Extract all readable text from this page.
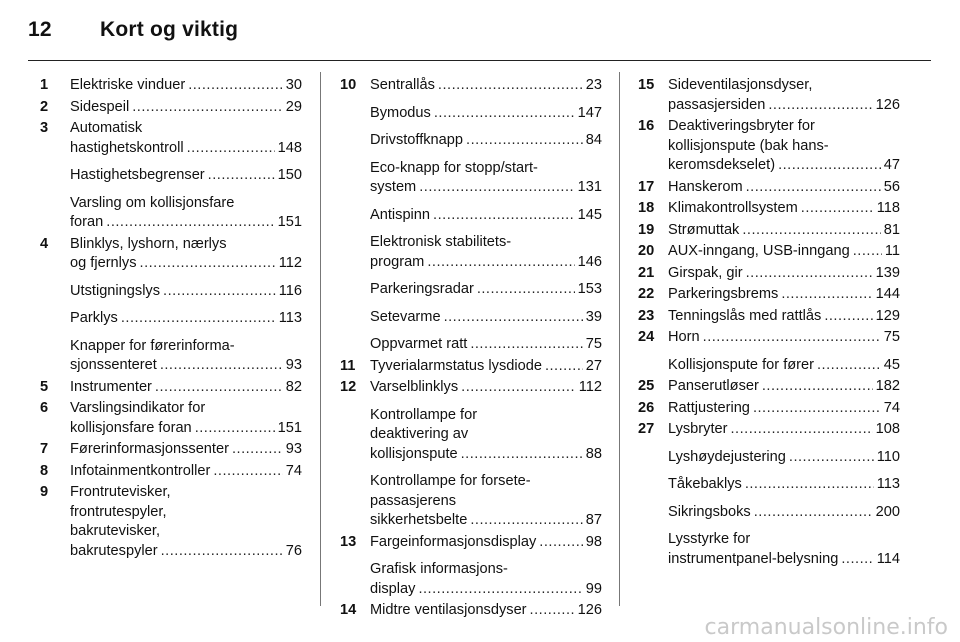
12 Kort og viktig
1 Elektriske vinduer .....	30
2 Sidespeil .....	29
3 Automatisk
hastighetskontroll .....	148
Hastighetsbegrenser .....	150
Varsling om kollisjonsfare
foran .....	151
4 Blinklys, lyshorn, nærlys
og fjernlys .....	112
Utstigningslys .....	116
Parklys .....	113
Knapper for førerinforma-
sjonssenteret .....	93
5 Instrumenter .....	82
6 Varslingsindikator for
kollisjonsfare foran .....	151
7 Førerinformasjonssenter .....	93
8 Infotainmentkontroller .....	74
9 Frontrutevisker,
frontrutespyler,
bakrutevisker,
bakrutespyler .....	76
10 Sentrallås .....	23
Bymodus .....	147
Drivstoffknapp .....	84
Eco-knapp for stopp/start-
system .....	131
Antispinn .....	145
Elektronisk stabilitets-
program .....	146
Parkeringsradar .....	153
Setevarme .....	39
Oppvarmet ratt .....	75
11 Tyverialarmstatus lysdiode .....	27
12 Varselblinklys .....	112
Kontrollampe for
deaktivering av
kollisjonspute .....	88
Kontrollampe for forsete-
passasjerens
sikkerhetsbelte .....	87
13 Fargeinformasjonsdisplay .....	98
Grafisk informasjons-
display .....	99
14 Midtre ventilasjonsdyser .....	126
15 Sideventilasjonsdyser,
passasjersiden .....	126
16 Deaktiveringsbryter for
kollisjonspute (bak hans-
keromsdekselet) .....	47
17 Hanskerom .....	56
18 Klimakontrollsystem .....	118
19 Strømuttak .....	81
20 AUX-inngang, USB-inngang ..... 11
21 Girspak, gir .....	139
22 Parkeringsbrems .....	144
23 Tenningslås med rattlås .....	129
24 Horn .....	75
Kollisjonspute for fører .....	45
25 Panserutløser .....	182
26 Rattjustering .....	74
27 Lysbryter .....	108
Lyshøydejustering .....	110
Tåkebaklys .....	113
Sikringsboks .....	200
Lysstyrke for
instrumentpanel-belysning .....	114
carmanualsonline.info
